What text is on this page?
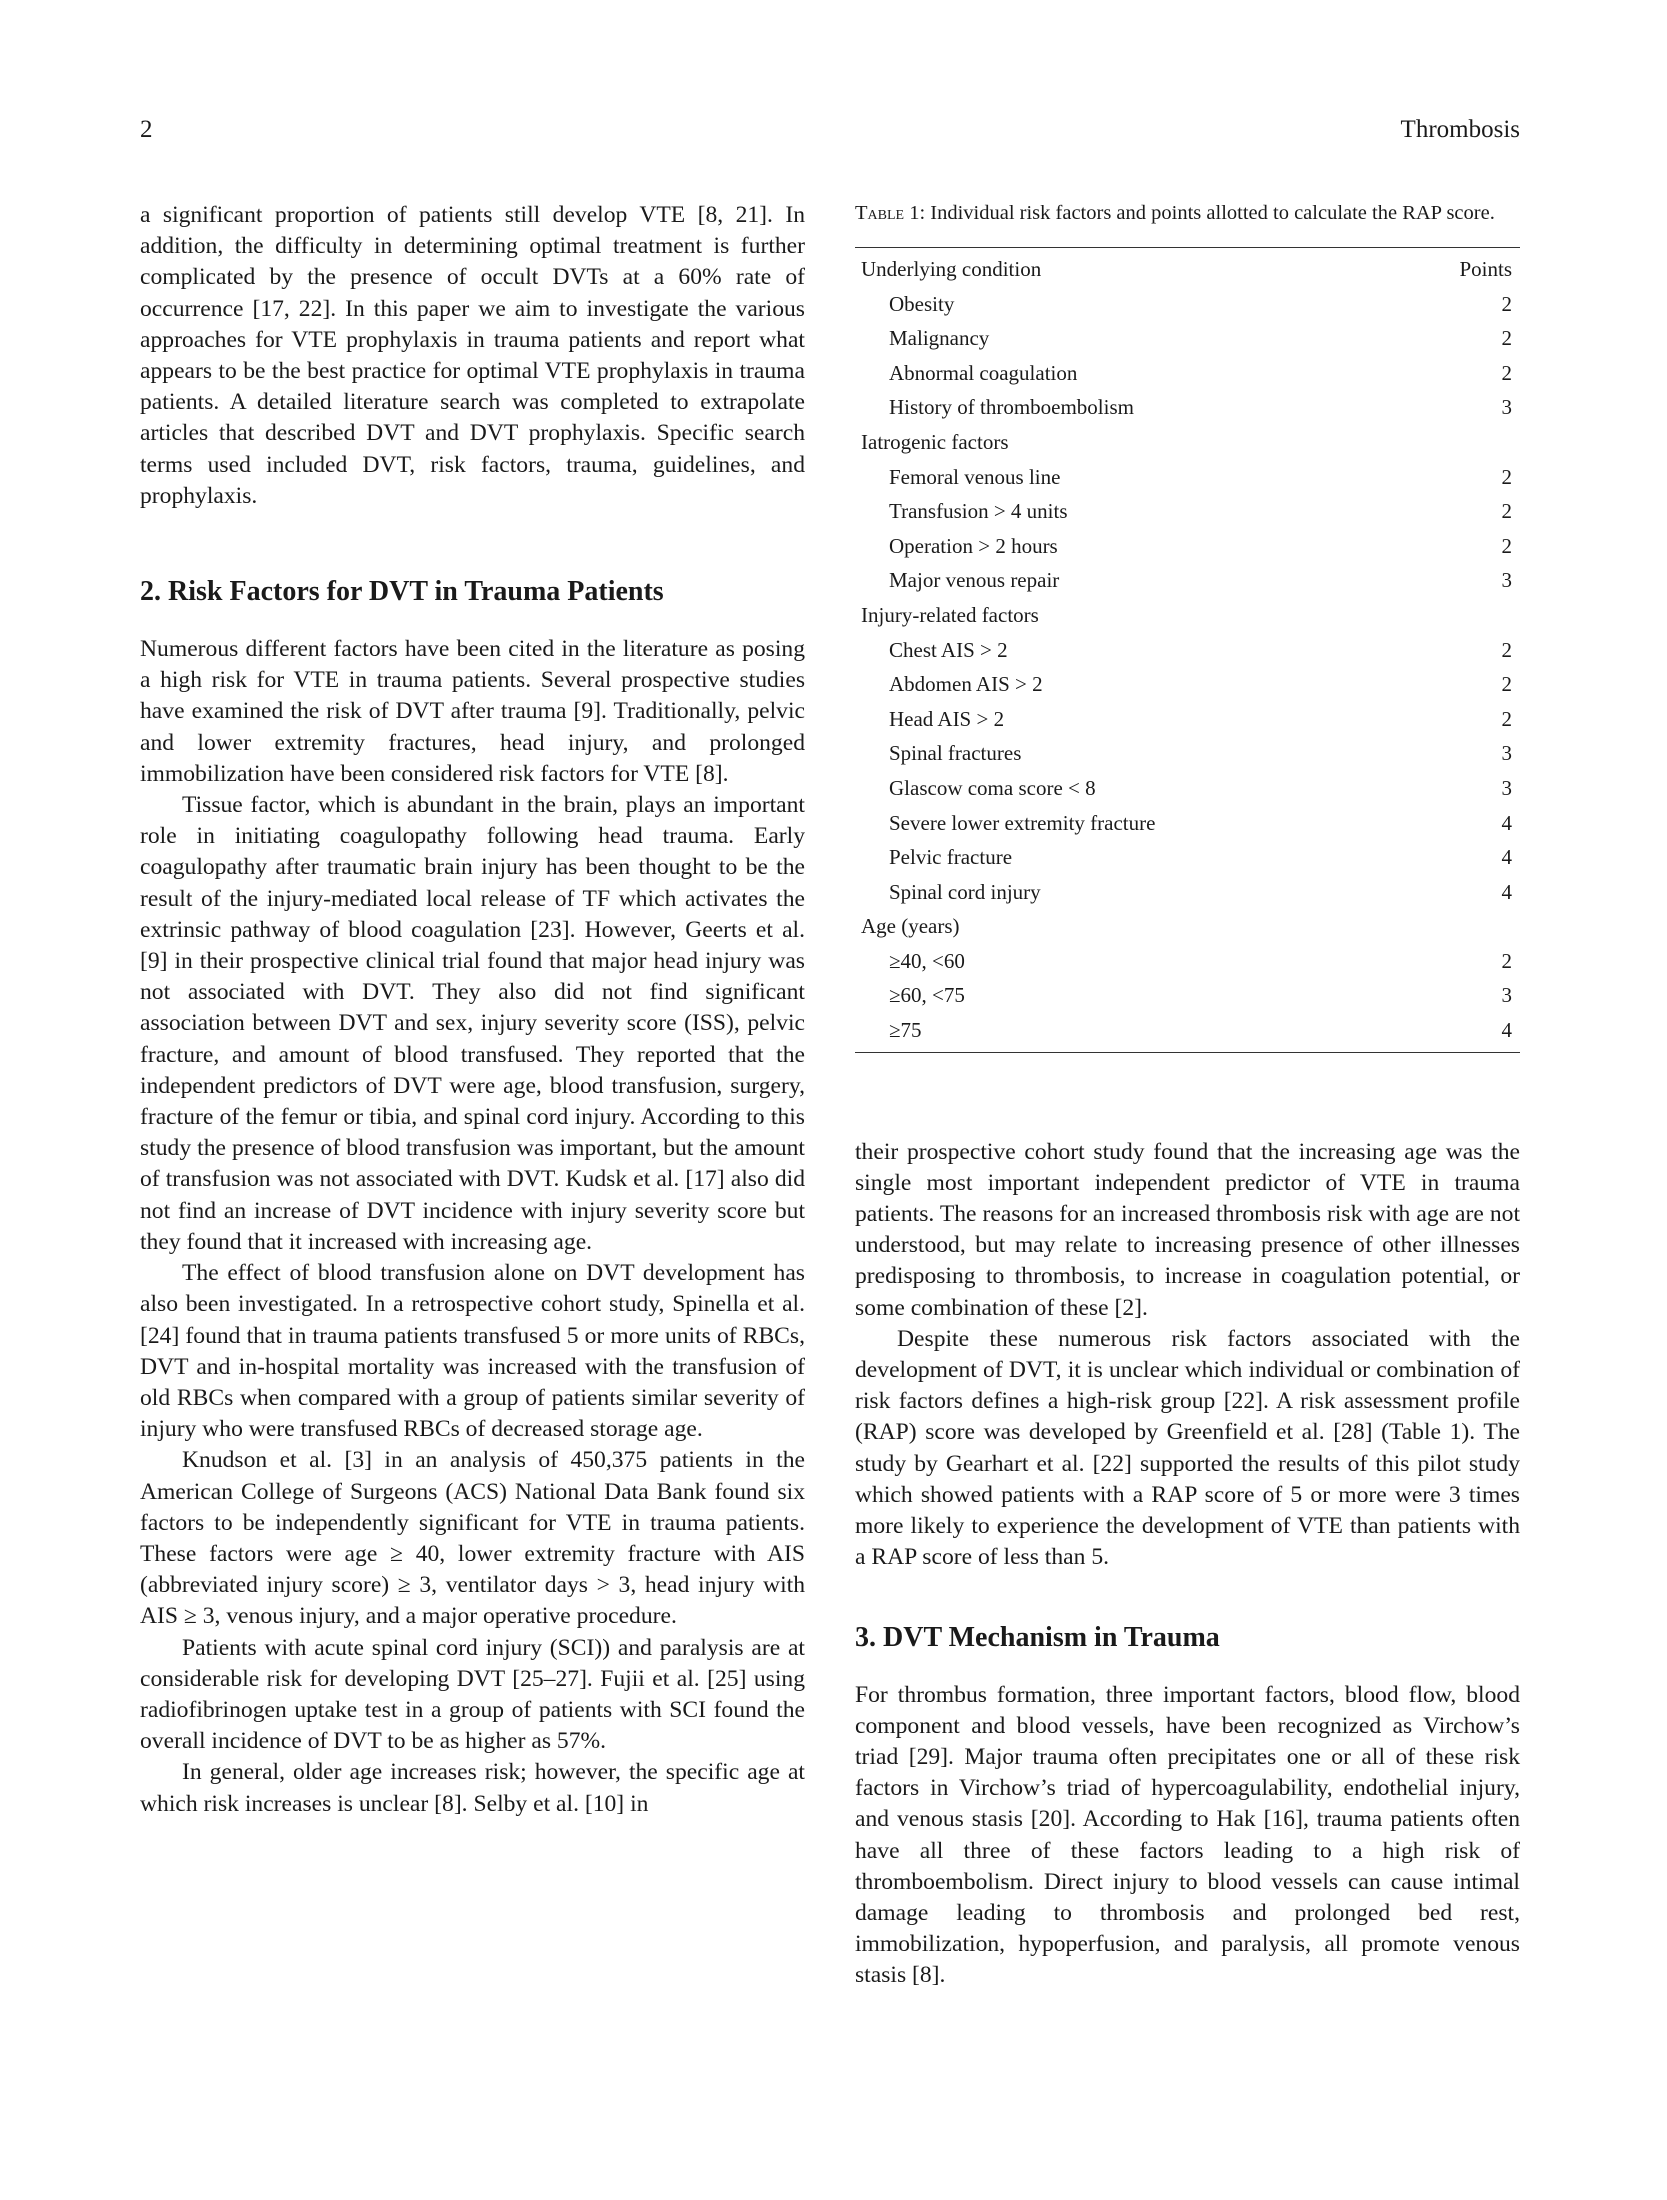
2	Thrombosis

a significant proportion of patients still develop VTE [8, 21]. In addition, the difficulty in determining optimal treatment is further complicated by the presence of occult DVTs at a 60% rate of occurrence [17, 22]. In this paper we aim to investigate the various approaches for VTE prophylaxis in trauma patients and report what appears to be the best practice for optimal VTE prophylaxis in trauma patients. A detailed literature search was completed to extrapolate articles that described DVT and DVT prophylaxis. Specific search terms used included DVT, risk factors, trauma, guidelines, and prophylaxis.

2. Risk Factors for DVT in Trauma Patients

Numerous different factors have been cited in the literature as posing a high risk for VTE in trauma patients. Several prospective studies have examined the risk of DVT after trauma [9]. Traditionally, pelvic and lower extremity fractures, head injury, and prolonged immobilization have been considered risk factors for VTE [8].

Tissue factor, which is abundant in the brain, plays an important role in initiating coagulopathy following head trauma. Early coagulopathy after traumatic brain injury has been thought to be the result of the injury-mediated local release of TF which activates the extrinsic pathway of blood coagulation [23]. However, Geerts et al. [9] in their prospective clinical trial found that major head injury was not associated with DVT. They also did not find significant association between DVT and sex, injury severity score (ISS), pelvic fracture, and amount of blood transfused. They reported that the independent predictors of DVT were age, blood transfusion, surgery, fracture of the femur or tibia, and spinal cord injury. According to this study the presence of blood transfusion was important, but the amount of transfusion was not associated with DVT. Kudsk et al. [17] also did not find an increase of DVT incidence with injury severity score but they found that it increased with increasing age.

The effect of blood transfusion alone on DVT development has also been investigated. In a retrospective cohort study, Spinella et al. [24] found that in trauma patients transfused 5 or more units of RBCs, DVT and in-hospital mortality was increased with the transfusion of old RBCs when compared with a group of patients similar severity of injury who were transfused RBCs of decreased storage age.

Knudson et al. [3] in an analysis of 450,375 patients in the American College of Surgeons (ACS) National Data Bank found six factors to be independently significant for VTE in trauma patients. These factors were age ≥ 40, lower extremity fracture with AIS (abbreviated injury score) ≥ 3, ventilator days > 3, head injury with AIS ≥ 3, venous injury, and a major operative procedure.

Patients with acute spinal cord injury (SCI)) and paralysis are at considerable risk for developing DVT [25–27]. Fujii et al. [25] using radiofibrinogen uptake test in a group of patients with SCI found the overall incidence of DVT to be as higher as 57%.

In general, older age increases risk; however, the specific age at which risk increases is unclear [8]. Selby et al. [10] in

Table 1: Individual risk factors and points allotted to calculate the RAP score.
Underlying condition	Points
Obesity	2
Malignancy	2
Abnormal coagulation	2
History of thromboembolism	3
Iatrogenic factors	
Femoral venous line	2
Transfusion > 4 units	2
Operation > 2 hours	2
Major venous repair	3
Injury-related factors	
Chest AIS > 2	2
Abdomen AIS > 2	2
Head AIS > 2	2
Spinal fractures	3
Glascow coma score < 8	3
Severe lower extremity fracture	4
Pelvic fracture	4
Spinal cord injury	4
Age (years)	
≥40, <60	2
≥60, <75	3
≥75	4

their prospective cohort study found that the increasing age was the single most important independent predictor of VTE in trauma patients. The reasons for an increased thrombosis risk with age are not understood, but may relate to increasing presence of other illnesses predisposing to thrombosis, to increase in coagulation potential, or some combination of these [2].

Despite these numerous risk factors associated with the development of DVT, it is unclear which individual or combination of risk factors defines a high-risk group [22]. A risk assessment profile (RAP) score was developed by Greenfield et al. [28] (Table 1). The study by Gearhart et al. [22] supported the results of this pilot study which showed patients with a RAP score of 5 or more were 3 times more likely to experience the development of VTE than patients with a RAP score of less than 5.

3. DVT Mechanism in Trauma

For thrombus formation, three important factors, blood flow, blood component and blood vessels, have been recognized as Virchow’s triad [29]. Major trauma often precipitates one or all of these risk factors in Virchow’s triad of hypercoagulability, endothelial injury, and venous stasis [20]. According to Hak [16], trauma patients often have all three of these factors leading to a high risk of thromboembolism. Direct injury to blood vessels can cause intimal damage leading to thrombosis and prolonged bed rest, immobilization, hypoperfusion, and paralysis, all promote venous stasis [8].
